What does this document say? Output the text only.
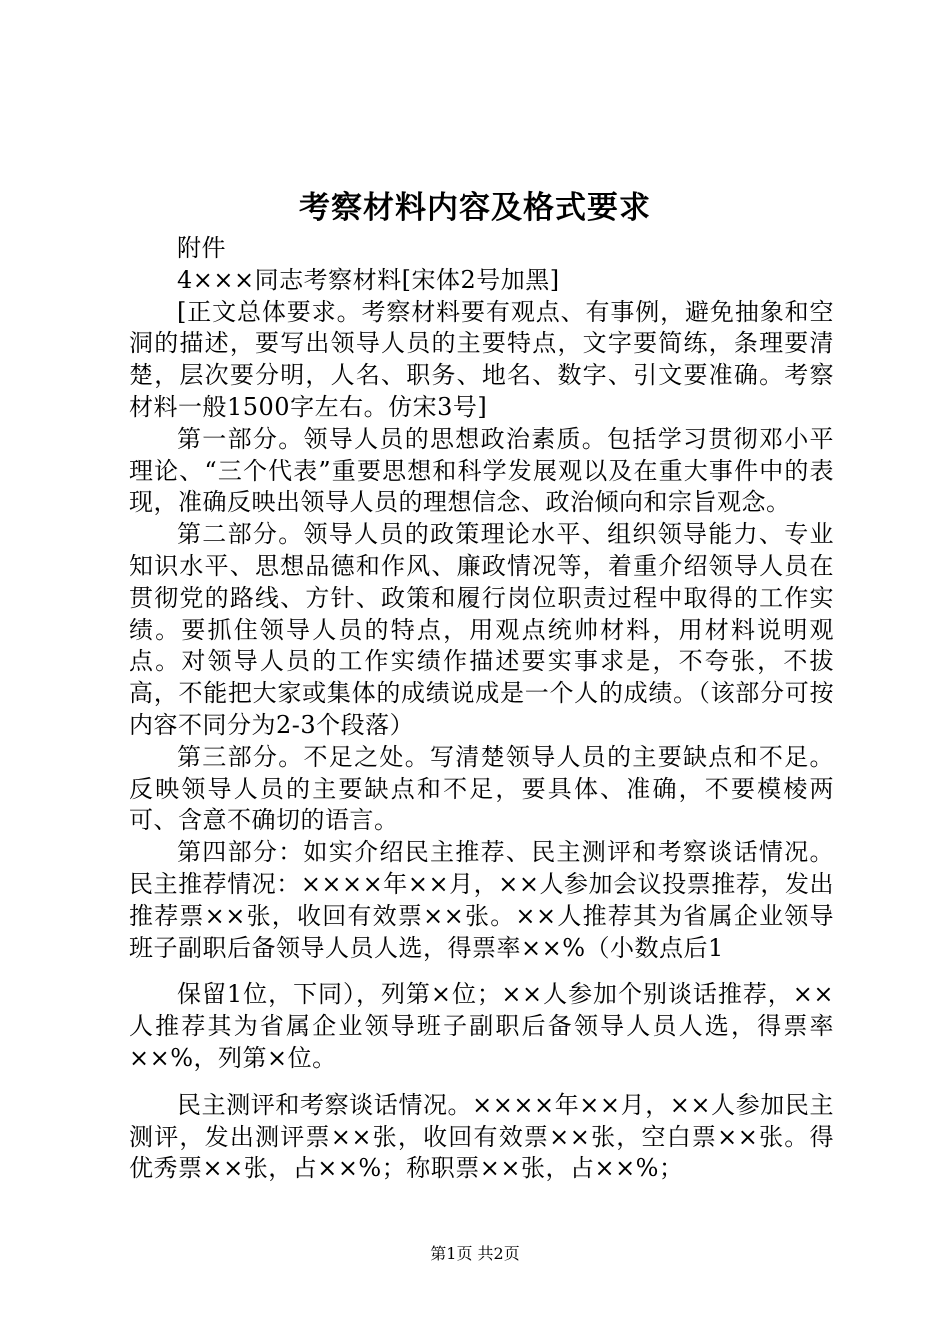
考察材料内容及格式要求

附件

4×××同志考察材料[宋体2号加黑]

[正文总体要求。考察材料要有观点、有事例，避免抽象和空洞的描述，要写出领导人员的主要特点，文字要简练，条理要清楚，层次要分明，人名、职务、地名、数字、引文要准确。考察材料一般1500字左右。仿宋3号]

第一部分。领导人员的思想政治素质。包括学习贯彻邓小平理论、“三个代表”重要思想和科学发展观以及在重大事件中的表现，准确反映出领导人员的理想信念、政治倾向和宗旨观念。

第二部分。领导人员的政策理论水平、组织领导能力、专业知识水平、思想品德和作风、廉政情况等，着重介绍领导人员在贯彻党的路线、方针、政策和履行岗位职责过程中取得的工作实绩。要抓住领导人员的特点，用观点统帅材料，用材料说明观点。对领导人员的工作实绩作描述要实事求是，不夸张，不拔高，不能把大家或集体的成绩说成是一个人的成绩。（该部分可按内容不同分为2-3个段落）

第三部分。不足之处。写清楚领导人员的主要缺点和不足。反映领导人员的主要缺点和不足，要具体、准确，不要模棱两可、含意不确切的语言。

第四部分：如实介绍民主推荐、民主测评和考察谈话情况。民主推荐情况：××××年××月，××人参加会议投票推荐，发出推荐票××张，收回有效票××张。××人推荐其为省属企业领导班子副职后备领导人员人选，得票率××%（小数点后1

保留1位，下同），列第×位；××人参加个别谈话推荐，××人推荐其为省属企业领导班子副职后备领导人员人选，得票率××%，列第×位。

民主测评和考察谈话情况。××××年××月，××人参加民主测评，发出测评票××张，收回有效票××张，空白票××张。得优秀票××张，占××%；称职票××张，占××%；

第1页 共2页
